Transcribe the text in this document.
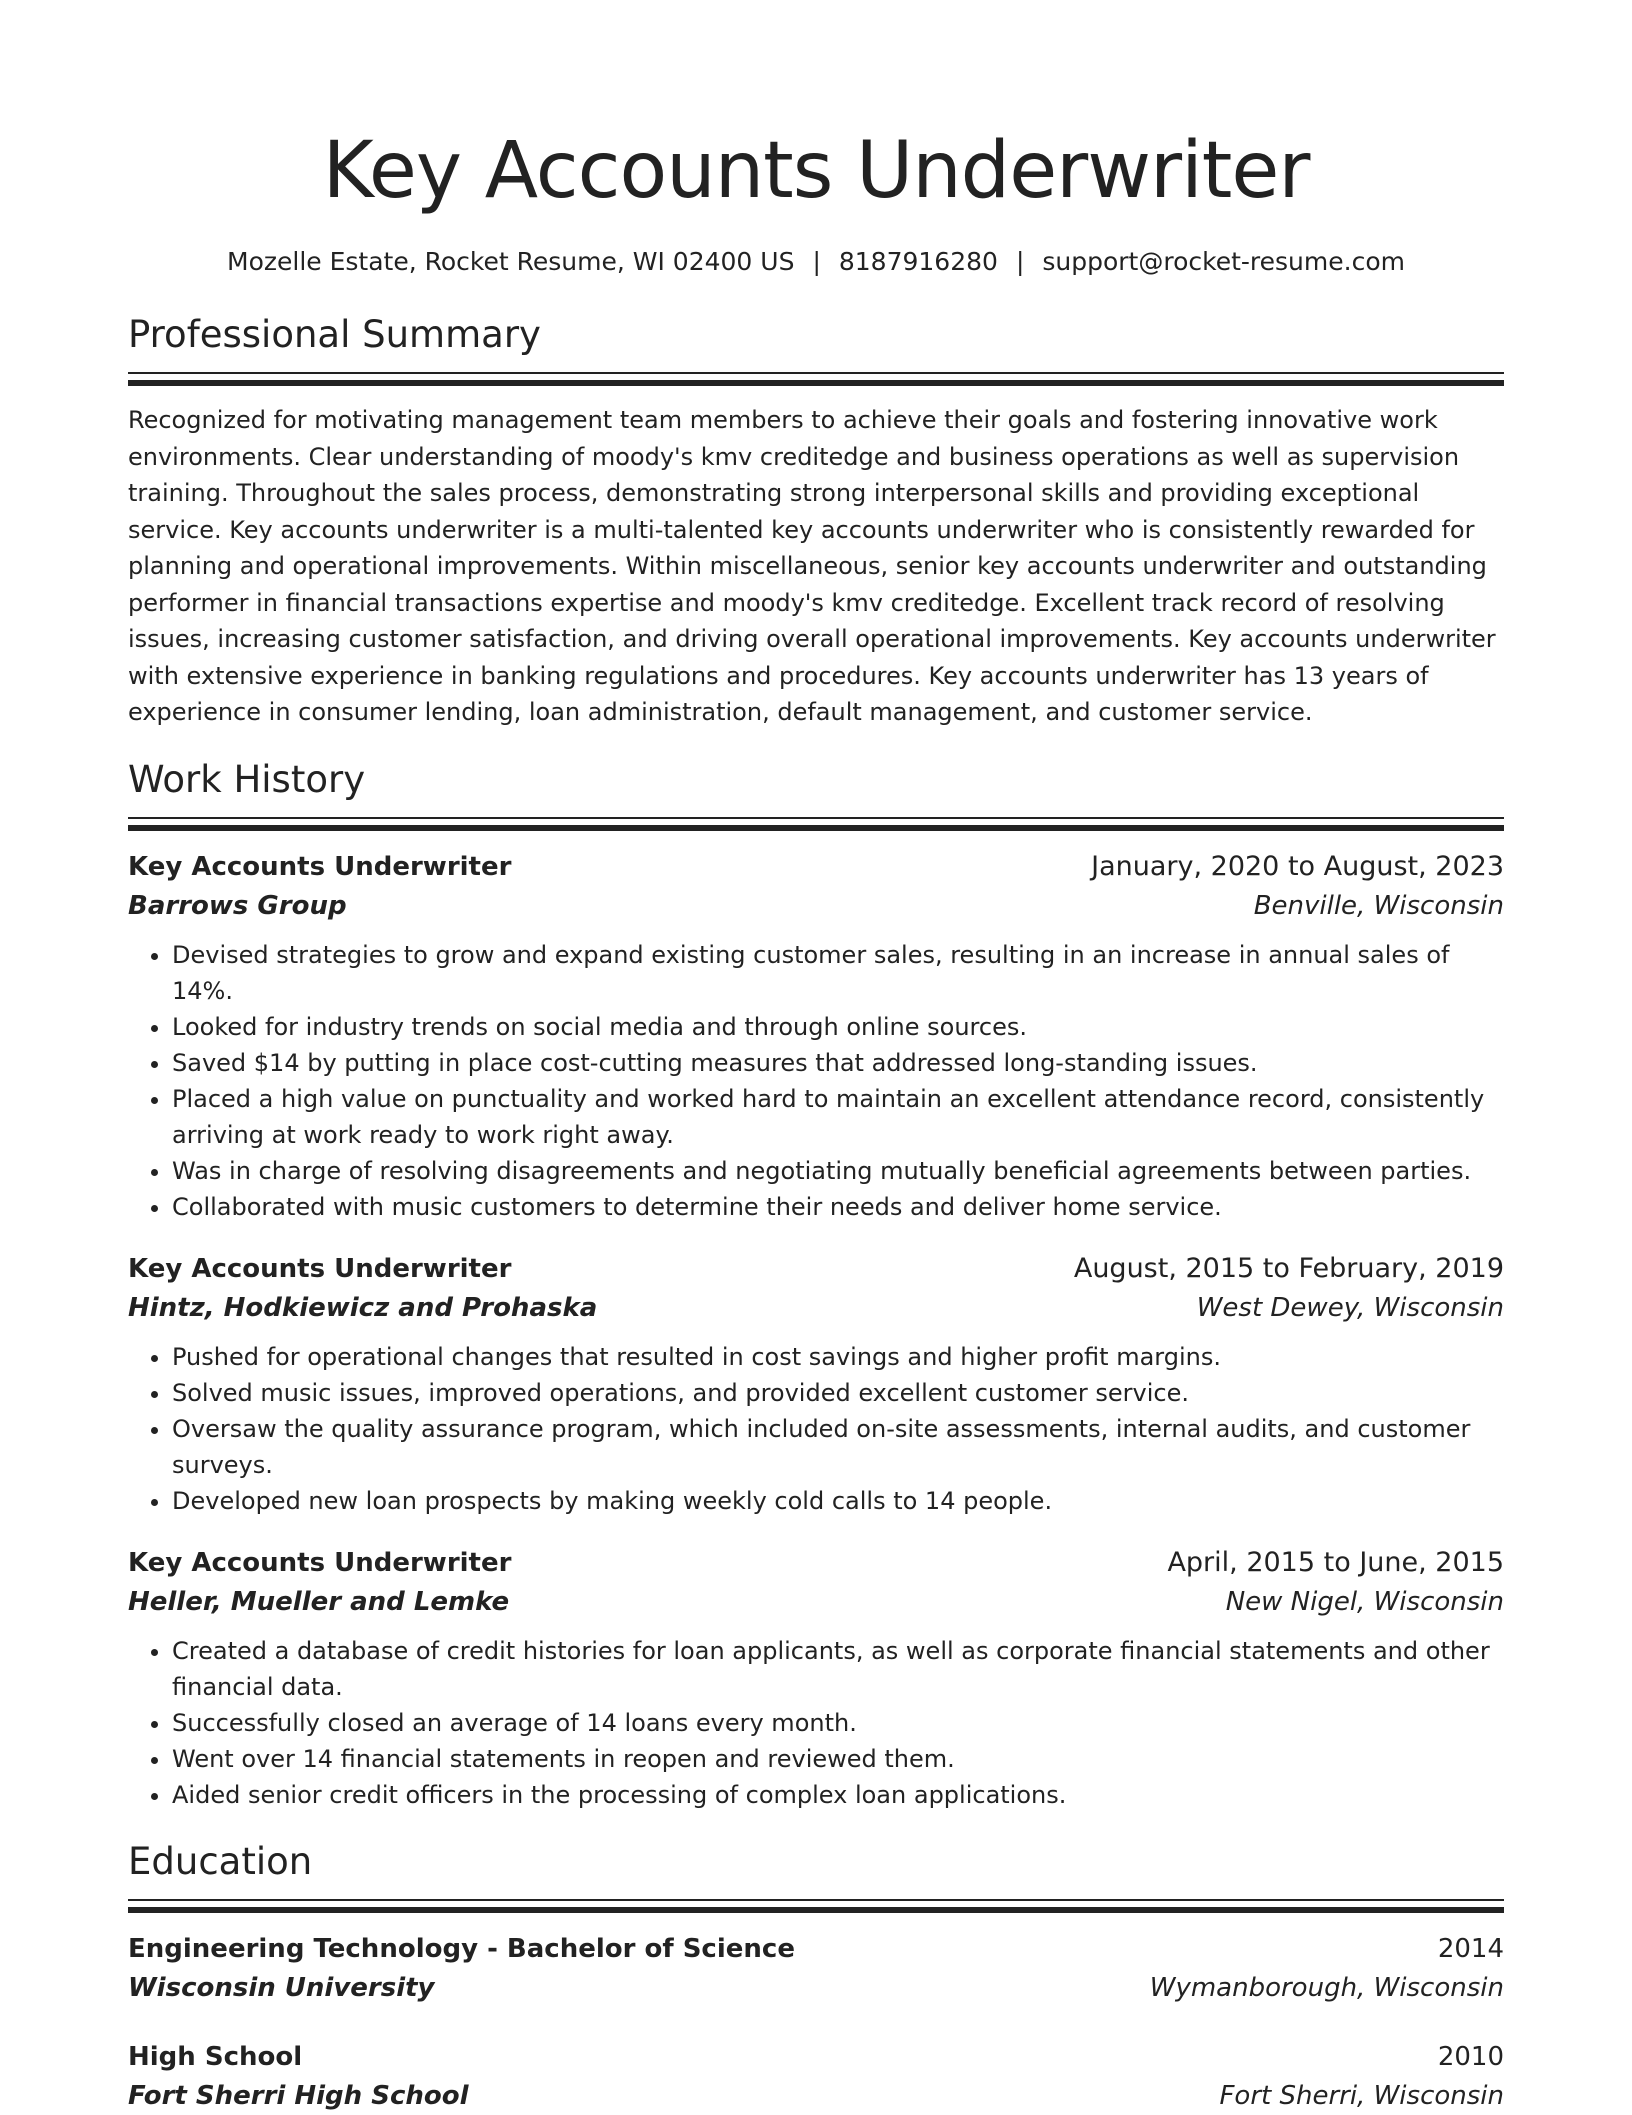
Key Accounts Underwriter
Mozelle Estate, Rocket Resume, WI 02400 US | 8187916280 | support@rocket-resume.com
Professional Summary
Recognized for motivating management team members to achieve their goals and fostering innovative work environments. Clear understanding of moody's kmv creditedge and business operations as well as supervision training. Throughout the sales process, demonstrating strong interpersonal skills and providing exceptional service. Key accounts underwriter is a multi-talented key accounts underwriter who is consistently rewarded for planning and operational improvements. Within miscellaneous, senior key accounts underwriter and outstanding performer in financial transactions expertise and moody's kmv creditedge. Excellent track record of resolving issues, increasing customer satisfaction, and driving overall operational improvements. Key accounts underwriter with extensive experience in banking regulations and procedures. Key accounts underwriter has 13 years of experience in consumer lending, loan administration, default management, and customer service.
Work History
Key Accounts Underwriter	January, 2020 to August, 2023
Barrows Group	Benville, Wisconsin
• Devised strategies to grow and expand existing customer sales, resulting in an increase in annual sales of 14%.
• Looked for industry trends on social media and through online sources.
• Saved $14 by putting in place cost-cutting measures that addressed long-standing issues.
• Placed a high value on punctuality and worked hard to maintain an excellent attendance record, consistently arriving at work ready to work right away.
• Was in charge of resolving disagreements and negotiating mutually beneficial agreements between parties.
• Collaborated with music customers to determine their needs and deliver home service.
Key Accounts Underwriter	August, 2015 to February, 2019
Hintz, Hodkiewicz and Prohaska	West Dewey, Wisconsin
• Pushed for operational changes that resulted in cost savings and higher profit margins.
• Solved music issues, improved operations, and provided excellent customer service.
• Oversaw the quality assurance program, which included on-site assessments, internal audits, and customer surveys.
• Developed new loan prospects by making weekly cold calls to 14 people.
Key Accounts Underwriter	April, 2015 to June, 2015
Heller, Mueller and Lemke	New Nigel, Wisconsin
• Created a database of credit histories for loan applicants, as well as corporate financial statements and other financial data.
• Successfully closed an average of 14 loans every month.
• Went over 14 financial statements in reopen and reviewed them.
• Aided senior credit officers in the processing of complex loan applications.
Education
Engineering Technology - Bachelor of Science	2014
Wisconsin University	Wymanborough, Wisconsin
High School	2010
Fort Sherri High School	Fort Sherri, Wisconsin
